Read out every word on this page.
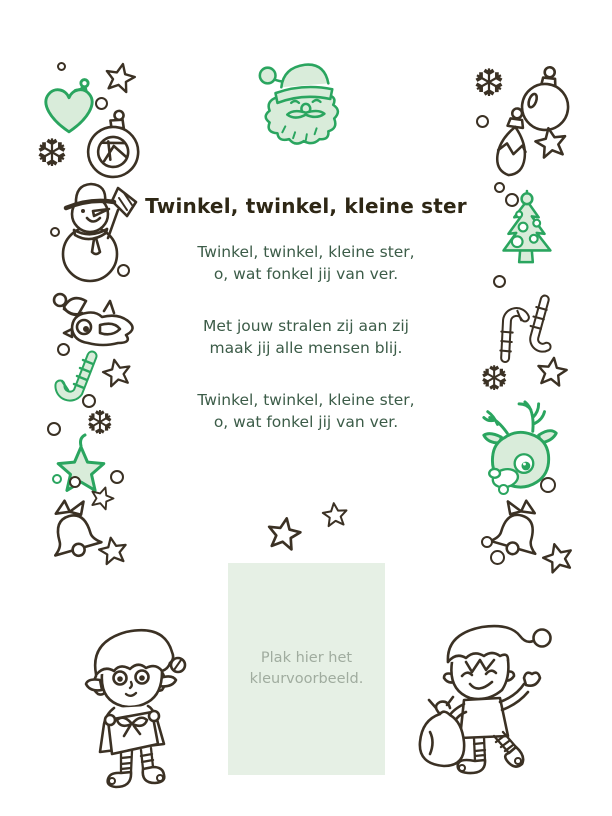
Twinkel, twinkel, kleine ster

Twinkel, twinkel, kleine ster,
o, wat fonkel jij van ver.

Met jouw stralen zij aan zij
maak jij alle mensen blij.

Twinkel, twinkel, kleine ster,
o, wat fonkel jij van ver.

Plak hier het
kleurvoorbeeld.
❆
❆
❆
❆
